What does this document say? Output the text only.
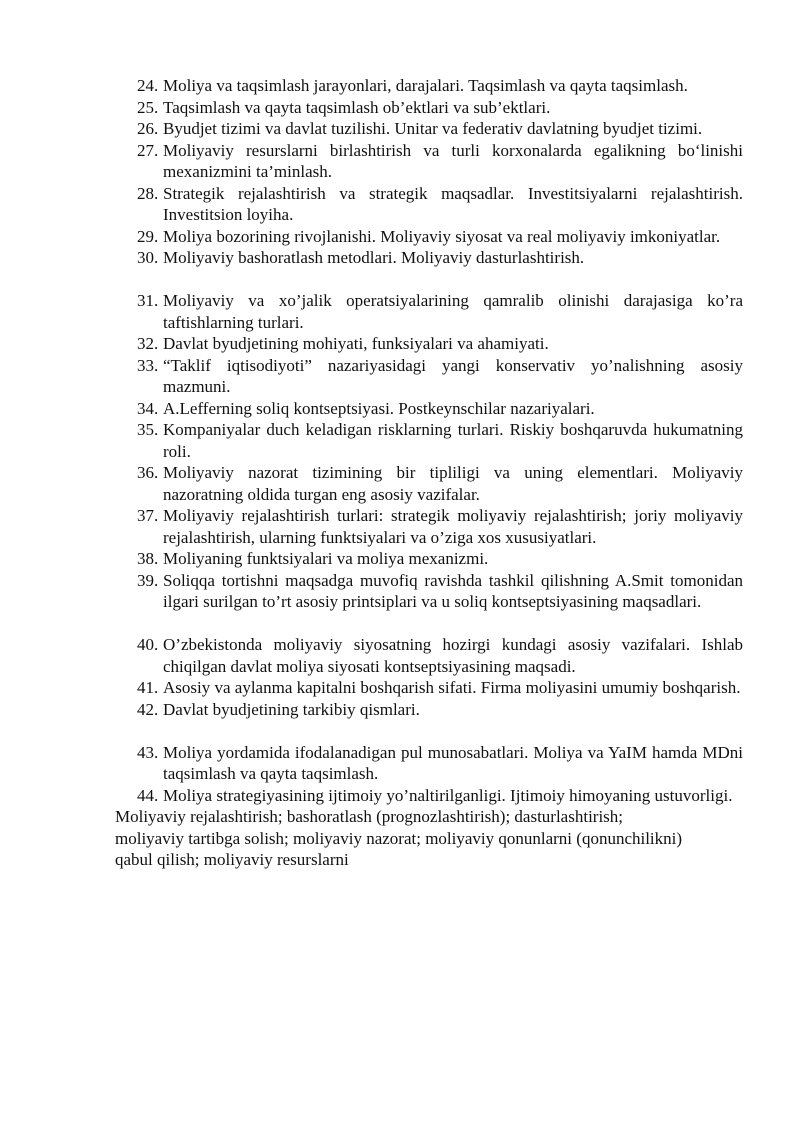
24. Moliya va taqsimlash jarayonlari, darajalari. Taqsimlash va qayta taqsimlash.
25. Taqsimlash va qayta taqsimlash ob’ektlari va sub’ektlari.
26. Byudjet tizimi va davlat tuzilishi. Unitar va federativ davlatning byudjet tizimi.
27. Moliyaviy resurslarni birlashtirish va turli korxonalarda egalikning bo‘linishi mexanizmini ta’minlash.
28. Strategik rejalashtirish va strategik maqsadlar. Investitsiyalarni rejalashtirish. Investitsion loyiha.
29. Moliya bozorining rivojlanishi. Moliyaviy siyosat va real moliyaviy imkoniyatlar.
30. Moliyaviy bashoratlash metodlari. Moliyaviy dasturlashtirish.
31. Moliyaviy va xo’jalik operatsiyalarining qamralib olinishi darajasiga ko’ra taftishlarning turlari.
32. Davlat byudjetining mohiyati, funksiyalari va ahamiyati.
33. “Taklif iqtisodiyoti” nazariyasidagi yangi konservativ yo’nalishning asosiy mazmuni.
34. A.Lefferning soliq kontseptsiyasi. Postkeynschilar nazariyalari.
35. Kompaniyalar duch keladigan risklarning turlari. Riskiy boshqaruvda hukumatning roli.
36. Moliyaviy nazorat tizimining bir tipliligi va uning elementlari. Moliyaviy nazoratning oldida turgan eng asosiy vazifalar.
37. Moliyaviy rejalashtirish turlari: strategik moliyaviy rejalashtirish; joriy moliyaviy rejalashtirish, ularning funktsiyalari va o’ziga xos xususiyatlari.
38. Moliyaning funktsiyalari va moliya mexanizmi.
39. Soliqqa tortishni maqsadga muvofiq ravishda tashkil qilishning A.Smit tomonidan ilgari surilgan to’rt asosiy printsiplari va u soliq kontseptsiyasining maqsadlari.
40. O’zbekistonda moliyaviy siyosatning hozirgi kundagi asosiy vazifalari. Ishlab chiqilgan davlat moliya siyosati kontseptsiyasining maqsadi.
41. Asosiy va aylanma kapitalni boshqarish sifati. Firma moliyasini umumiy boshqarish.
42. Davlat byudjetining tarkibiy qismlari.
43. Moliya yordamida ifodalanadigan pul munosabatlari. Moliya va YaIM hamda MDni taqsimlash va qayta taqsimlash.
44. Moliya strategiyasining ijtimoiy yo’naltirilganligi. Ijtimoiy himoyaning ustuvorligi.
Moliyaviy rejalashtirish; bashoratlash (prognozlashtirish); dasturlashtirish;
moliyaviy tartibga solish; moliyaviy nazorat; moliyaviy qonunlarni (qonunchilikni)
qabul qilish; moliyaviy resurslarni
